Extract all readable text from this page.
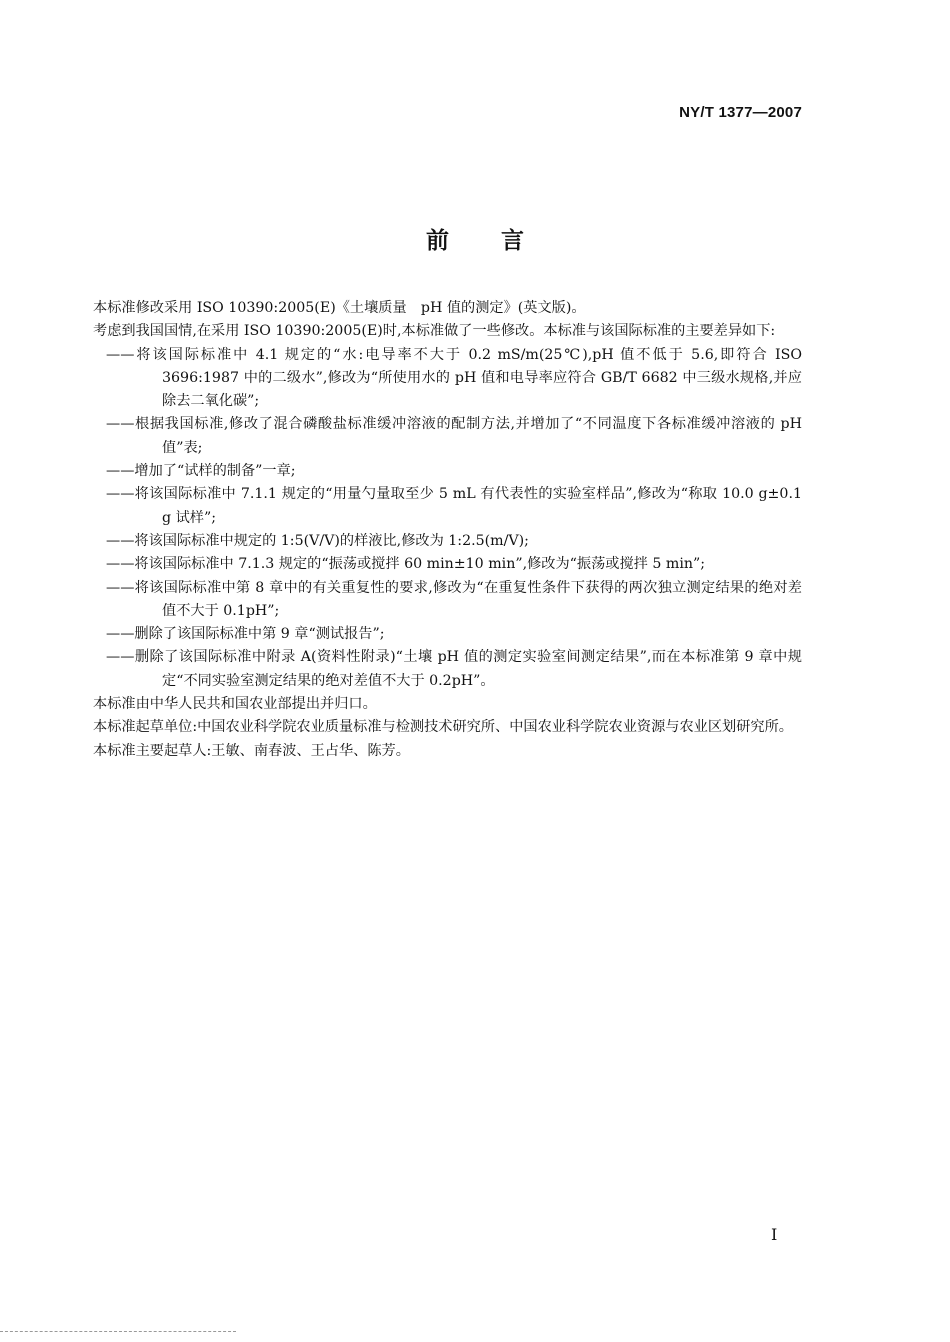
NY/T 1377—2007
前言

本标准修改采用 ISO 10390:2005(E)《土壤质量　pH 值的测定》(英文版)。

考虑到我国国情,在采用 ISO 10390:2005(E)时,本标准做了一些修改。本标准与该国际标准的主要差异如下:

——将该国际标准中 4.1 规定的“水:电导率不大于 0.2 mS/m(25℃),pH 值不低于 5.6,即符合 ISO 3696:1987 中的二级水”,修改为“所使用水的 pH 值和电导率应符合 GB/T 6682 中三级水规格,并应除去二氧化碳”;

——根据我国标准,修改了混合磷酸盐标准缓冲溶液的配制方法,并增加了“不同温度下各标准缓冲溶液的 pH 值”表;

——增加了“试样的制备”一章;

——将该国际标准中 7.1.1 规定的“用量勺量取至少 5 mL 有代表性的实验室样品”,修改为“称取 10.0 g±0.1 g 试样”;

——将该国际标准中规定的 1:5(V/V)的样液比,修改为 1:2.5(m/V);

——将该国际标准中 7.1.3 规定的“振荡或搅拌 60 min±10 min”,修改为“振荡或搅拌 5 min”;

——将该国际标准中第 8 章中的有关重复性的要求,修改为“在重复性条件下获得的两次独立测定结果的绝对差值不大于 0.1pH”;

——删除了该国际标准中第 9 章“测试报告”;

——删除了该国际标准中附录 A(资料性附录)“土壤 pH 值的测定实验室间测定结果”,而在本标准第 9 章中规定“不同实验室测定结果的绝对差值不大于 0.2pH”。

本标准由中华人民共和国农业部提出并归口。

本标准起草单位:中国农业科学院农业质量标准与检测技术研究所、中国农业科学院农业资源与农业区划研究所。

本标准主要起草人:王敏、南春波、王占华、陈芳。

I
